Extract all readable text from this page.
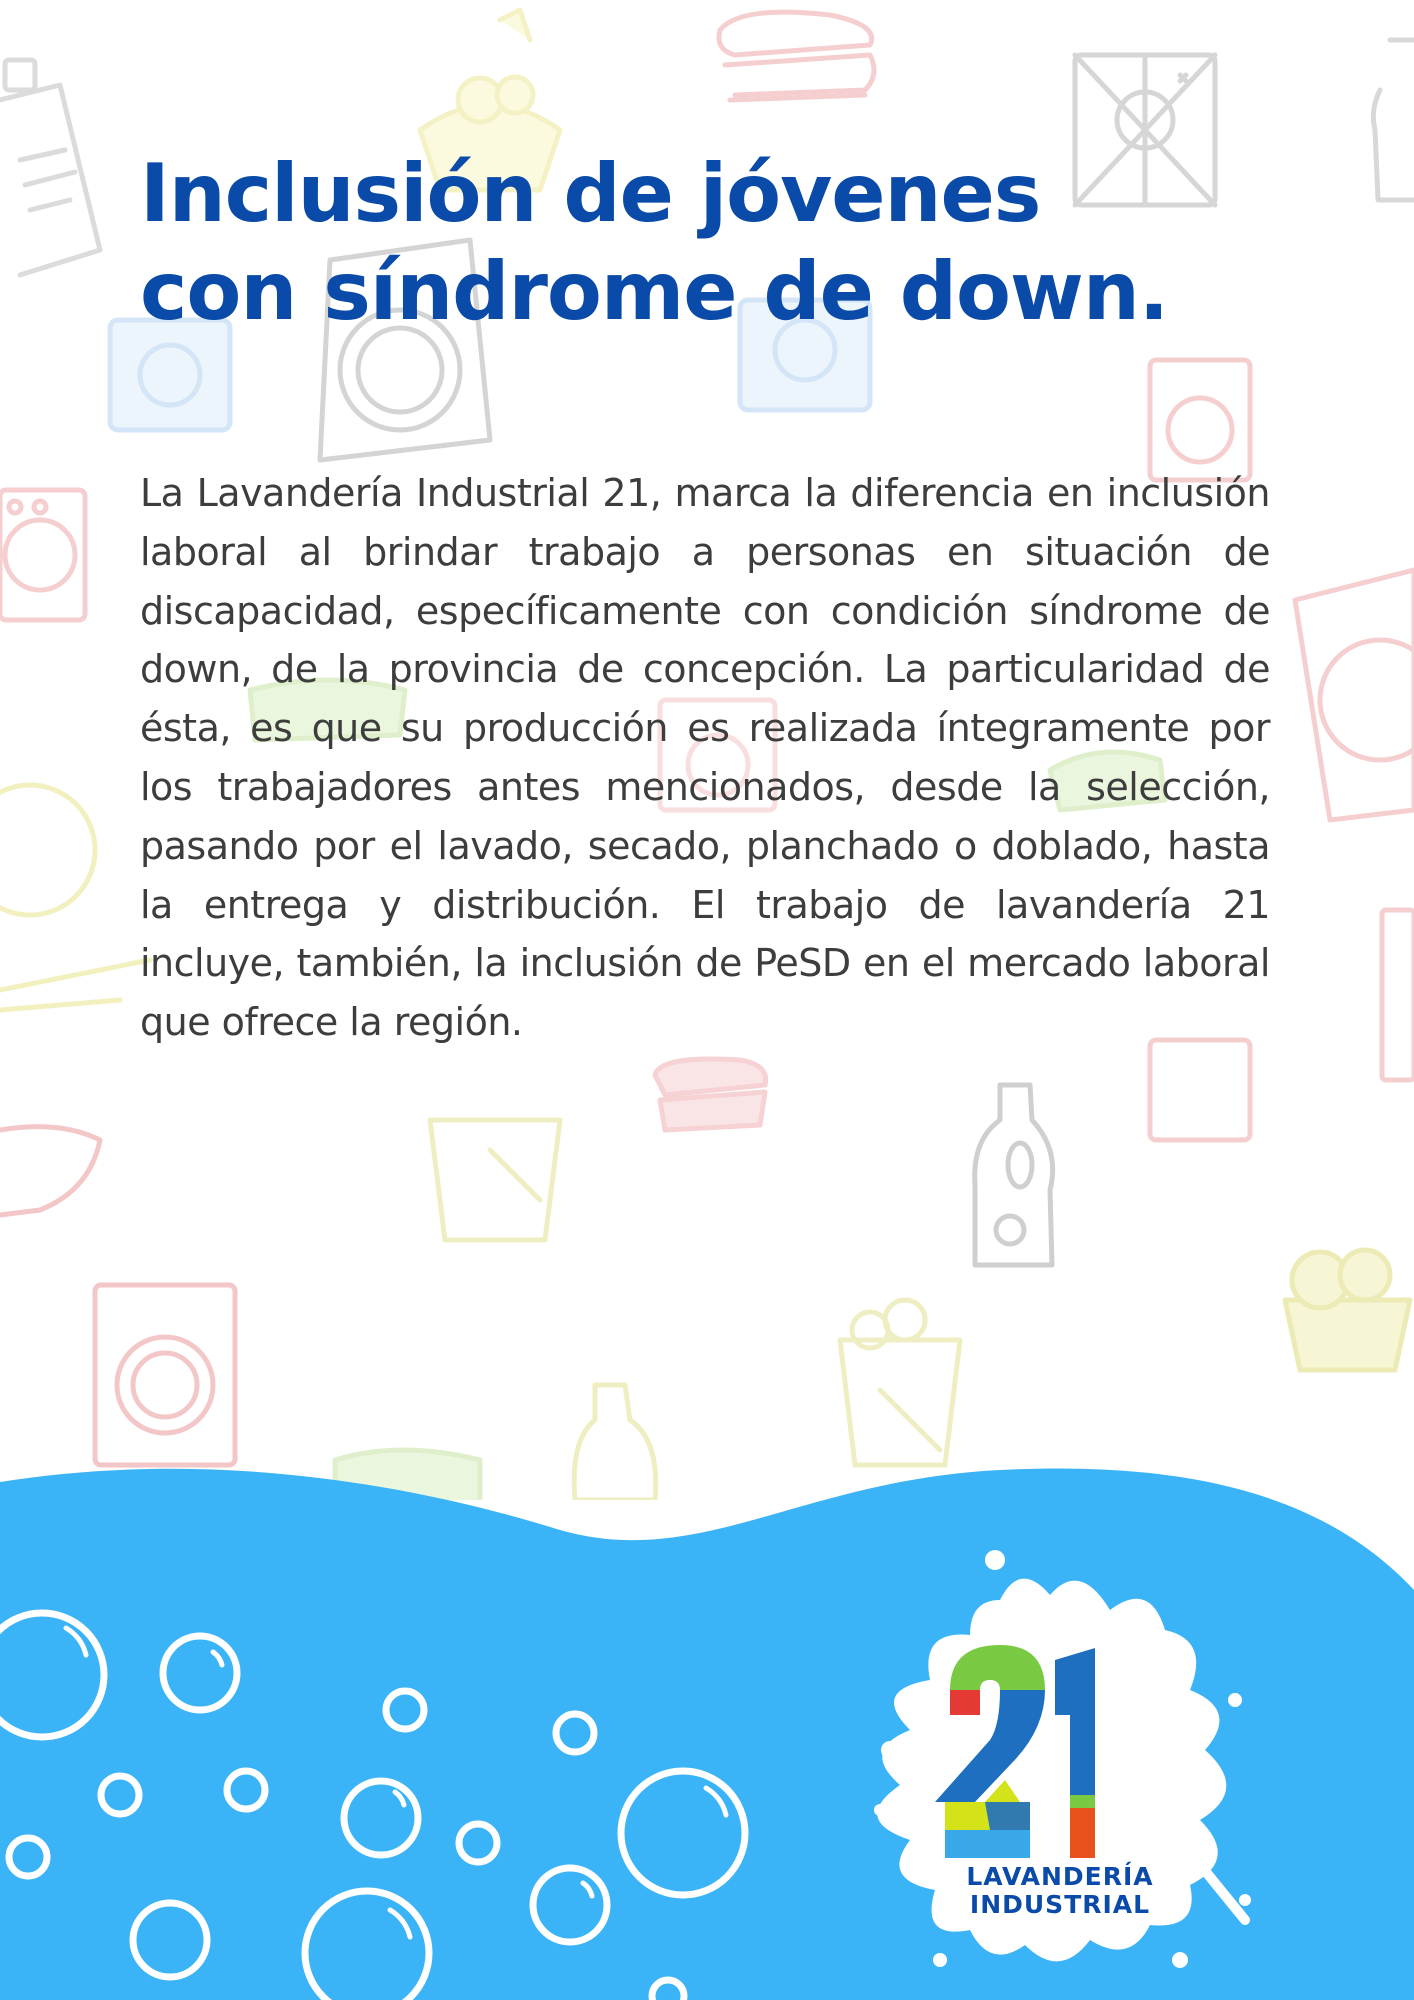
Inclusión de jóvenes
con síndrome de down.

La Lavandería Industrial 21, marca la diferencia en inclusión laboral al brindar trabajo a personas en situación de discapacidad, específicamente con condición síndrome de down, de la provincia de concepción. La particularidad de ésta, es que su producción es realizada íntegramente por los trabajadores antes mencionados, desde la selección, pasando por el lavado, secado, planchado o doblado, hasta la entrega y distribución. El trabajo de lavandería 21 incluye, también, la inclusión de PeSD en el mercado laboral que ofrece la región.

LAVANDERÍA
INDUSTRIAL
